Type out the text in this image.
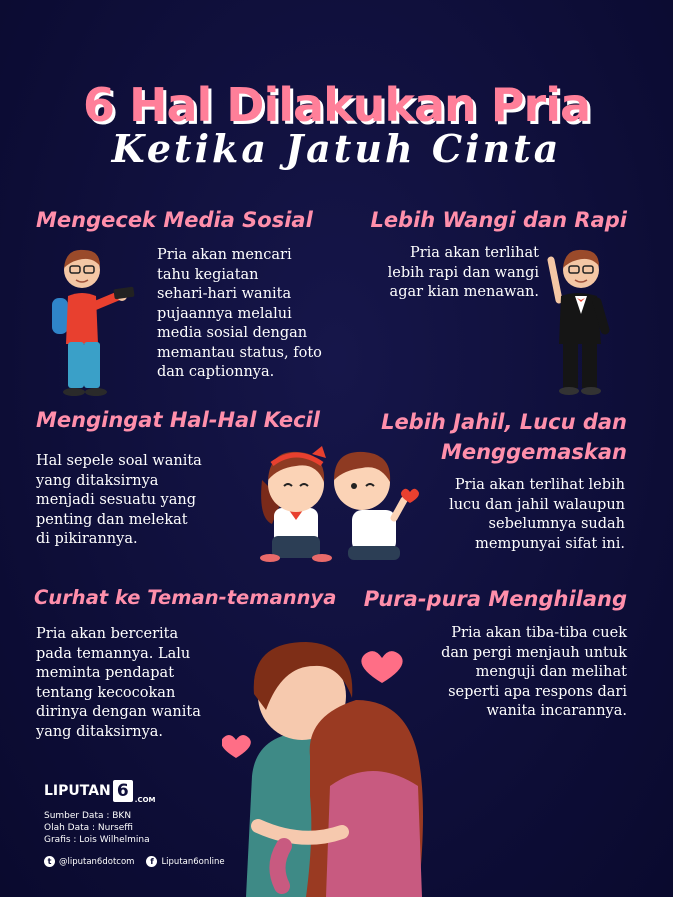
6 Hal Dilakukan Pria
Ketika Jatuh Cinta
Mengecek Media Sosial

Pria akan mencari
tahu kegiatan
sehari-hari wanita
pujaannya melalui
media sosial dengan
memantau status, foto
dan captionnya.

Lebih Wangi dan Rapi

Pria akan terlihat
lebih rapi dan wangi
agar kian menawan.

Mengingat Hal-Hal Kecil

Hal sepele soal wanita
yang ditaksirnya
menjadi sesuatu yang
penting dan melekat
di pikirannya.

Lebih Jahil, Lucu dan
Menggemaskan

Pria akan terlihat lebih
lucu dan jahil walaupun
sebelumnya sudah
mempunyai sifat ini.

Curhat ke Teman-temannya

Pria akan bercerita
pada temannya. Lalu
meminta pendapat
tentang kecocokan
dirinya dengan wanita
yang ditaksirnya.

Pura-pura Menghilang

Pria akan tiba-tiba cuek
dan pergi menjauh untuk
menguji dan melihat
seperti apa respons dari
wanita incarannya.

LIPUTAN 6 .COM
Sumber Data : BKN
Olah Data : Nurseffi
Grafis : Lois Wilhelmina
t @liputan6dotcom	f Liputan6online
